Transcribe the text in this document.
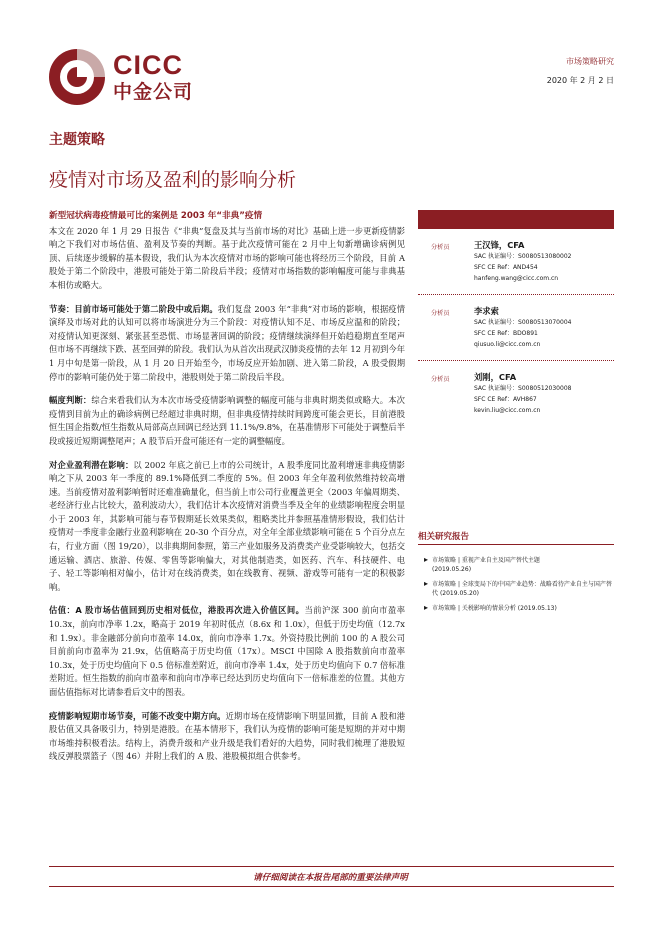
CICC
中金公司
市场策略研究
2020 年 2 月 2 日
主题策略
疫情对市场及盈利的影响分析

新型冠状病毒疫情最可比的案例是 2003 年“非典”疫情

本文在 2020 年 1 月 29 日报告《“非典”复盘及其与当前市场的对比》基础上进一步更新疫情影响之下我们对市场估值、盈利及节奏的判断。基于此次疫情可能在 2 月中上旬新增确诊病例见顶、后续逐步缓解的基本假设，我们认为本次疫情对市场的影响可能也将经历三个阶段，目前 A 股处于第二个阶段中，港股可能处于第二阶段后半段；疫情对市场指数的影响幅度可能与非典基本相仿或略大。

节奏：目前市场可能处于第二阶段中或后期。我们复盘 2003 年“非典”对市场的影响，根据疫情演绎及市场对此的认知可以将市场演进分为三个阶段：对疫情认知不足、市场反应温和的阶段；对疫情认知更深刻、紧张甚至恐慌、市场显著回调的阶段；疫情继续演绎但开始趋稳期直至尾声但市场不再继续下跌、甚至回弹的阶段。我们认为从首次出现武汉肺炎疫情的去年 12 月初到今年 1 月中旬是第一阶段，从 1 月 20 日开始至今，市场反应开始加剧、进入第二阶段，A 股受假期停市的影响可能仍处于第二阶段中，港股则处于第二阶段后半段。

幅度判断：综合来看我们认为本次市场受疫情影响调整的幅度可能与非典时期类似或略大。本次疫情到目前为止的确诊病例已经超过非典时期，但非典疫情持续时间跨度可能会更长，目前港股恒生国企指数/恒生指数从局部高点回调已经达到 11.1%/9.8%，在基准情形下可能处于调整后半段或接近短期调整尾声；A 股节后开盘可能还有一定的调整幅度。

对企业盈利潜在影响：以 2002 年底之前已上市的公司统计，A 股季度同比盈利增速非典疫情影响之下从 2003 年一季度的 89.1%降低到二季度的 5%。但 2003 年全年盈利依然维持较高增速。当前疫情对盈利影响暂时还难准确量化，但当前上市公司行业覆盖更全（2003 年偏周期类、老经济行业占比较大，盈利波动大），我们估计本次疫情对消费当季及全年的业绩影响程度会明显小于 2003 年，其影响可能与春节假期延长效果类似，粗略类比并参照基准情形假设，我们估计疫情对一季度非金融行业盈利影响在 20-30 个百分点，对全年全部业绩影响可能在 5 个百分点左右，行业方面（图 19/20），以非典期间参照，第三产业如服务及消费类产业受影响较大，包括交通运输、酒店、旅游、传媒、零售等影响偏大，对其他制造类，如医药、汽车、科技硬件、电子、轻工等影响相对偏小，估计对在线消费类，如在线教育、视频、游戏等可能有一定的积极影响。

估值：A 股市场估值回到历史相对低位，港股再次进入价值区间。当前沪深 300 前向市盈率 10.3x，前向市净率 1.2x，略高于 2019 年初时低点（8.6x 和 1.0x），但低于历史均值（12.7x 和 1.9x）。非金融部分前向市盈率 14.0x，前向市净率 1.7x。外资持股比例前 100 的 A 股公司目前前向市盈率为 21.9x，估值略高于历史均值（17x）。MSCI 中国除 A 股指数前向市盈率 10.3x，处于历史均值向下 0.5 倍标准差附近，前向市净率 1.4x，处于历史均值向下 0.7 倍标准差附近。恒生指数的前向市盈率和前向市净率已经达到历史均值向下一倍标准差的位置。其他方面估值指标对比请参看后文中的图表。

疫情影响短期市场节奏，可能不改变中期方向。近期市场在疫情影响下明显回撤，目前 A 股和港股估值又具备吸引力，特别是港股。在基本情形下，我们认为疫情的影响可能是短期的并对中期市场维持积极看法。结构上，消费升级和产业升级是我们看好的大趋势，同时我们梳理了港股短线反弹股票篮子（图 46）并附上我们的 A 股、港股模拟组合供参考。

分析员	王汉锋，CFA
SAC 执证编号：S0080513080002
SFC CE Ref：AND454
hanfeng.wang@cicc.com.cn
分析员	李求索
SAC 执证编号：S0080513070004
SFC CE Ref：BDO891
qiusuo.li@cicc.com.cn
分析员	刘刚，CFA
SAC 执证编号：S0080512030008
SFC CE Ref：AVH867
kevin.liu@cicc.com.cn
相关研究报告
▸ 市场策略 | 重视产业自主及国产替代主题
(2019.05.26)
▸ 市场策略 | 全球变局下的中国产业趋势：战略看待产业自主与国产替代 (2019.05.20)
▸ 市场策略 | 关税影响的情景分析 (2019.05.13)
请仔细阅读在本报告尾部的重要法律声明
